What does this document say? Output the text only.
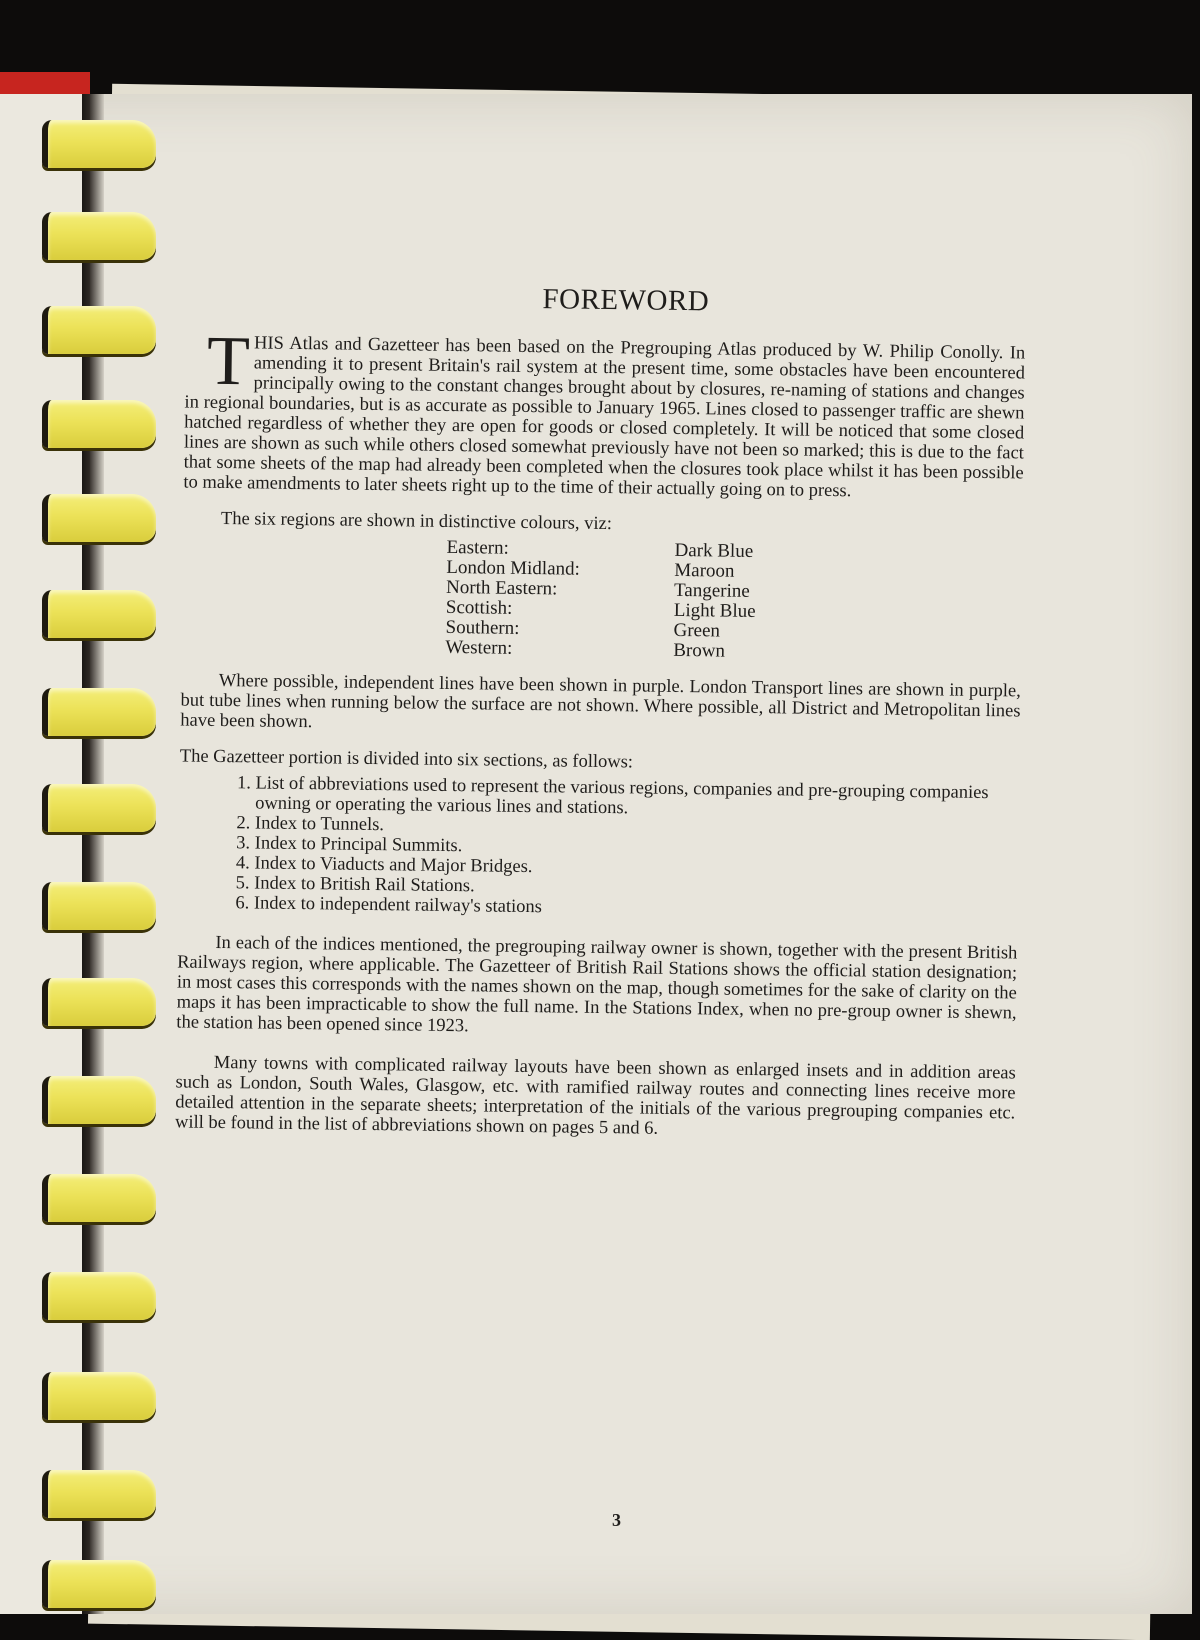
FOREWORD

THIS Atlas and Gazetteer has been based on the Pregrouping Atlas produced by W. Philip Conolly. In amending it to present Britain's rail system at the present time, some obstacles have been encountered principally owing to the constant changes brought about by closures, re-naming of stations and changes in regional boundaries, but is as accurate as possible to January 1965. Lines closed to passenger traffic are shewn hatched regardless of whether they are open for goods or closed completely. It will be noticed that some closed lines are shown as such while others closed somewhat previously have not been so marked; this is due to the fact that some sheets of the map had already been completed when the closures took place whilst it has been possible to make amendments to later sheets right up to the time of their actually going on to press.

The six regions are shown in distinctive colours, viz:

Eastern:	Dark Blue
London Midland:	Maroon
North Eastern:	Tangerine
Scottish:	Light Blue
Southern:	Green
Western:	Brown

Where possible, independent lines have been shown in purple. London Transport lines are shown in purple, but tube lines when running below the surface are not shown. Where possible, all District and Metropolitan lines have been shown.

The Gazetteer portion is divided into six sections, as follows:

1. List of abbreviations used to represent the various regions, companies and pre-grouping companies owning or operating the various lines and stations.
2. Index to Tunnels.
3. Index to Principal Summits.
4. Index to Viaducts and Major Bridges.
5. Index to British Rail Stations.
6. Index to independent railway's stations

In each of the indices mentioned, the pregrouping railway owner is shown, together with the present British Railways region, where applicable. The Gazetteer of British Rail Stations shows the official station designation; in most cases this corresponds with the names shown on the map, though sometimes for the sake of clarity on the maps it has been impracticable to show the full name. In the Stations Index, when no pre-group owner is shewn, the station has been opened since 1923.

Many towns with complicated railway layouts have been shown as enlarged insets and in addition areas such as London, South Wales, Glasgow, etc. with ramified railway routes and connecting lines receive more detailed attention in the separate sheets; interpretation of the initials of the various pregrouping companies etc. will be found in the list of abbreviations shown on pages 5 and 6.

3
